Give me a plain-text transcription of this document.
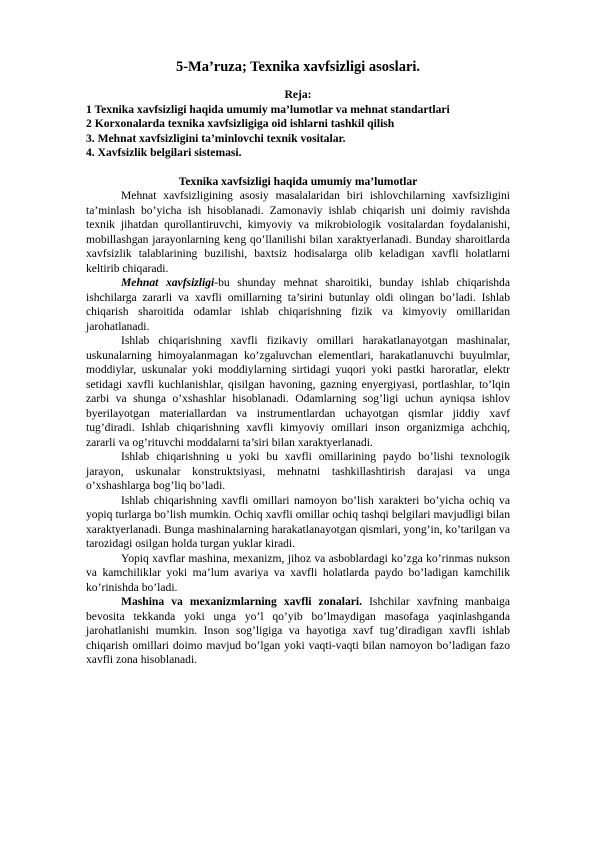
5-Ma’ruza; Texnika xavfsizligi asoslari.
Reja:
1 Texnika xavfsizligi haqida umumiy ma’lumotlar va mehnat standartlari
2 Korxonalarda texnika xavfsizligiga oid ishlarni tashkil qilish
3. Mehnat xavfsizligini ta’minlovchi texnik vositalar.
4. Xavfsizlik belgilari sistemasi.
Texnika xavfsizligi haqida umumiy ma’lumotlar

Mehnat xavfsizligining asosiy masalalaridan biri ishlovchilarning xavfsizligini ta’minlash bo’yicha ish hisoblanadi. Zamonaviy ishlab chiqarish uni doimiy ravishda texnik jihatdan qurollantiruvchi, kimyoviy va mikrobiologik vositalardan foydalanishi, mobillashgan jarayonlarning keng qo’llanilishi bilan xaraktyerlanadi. Bunday sharoitlarda xavfsizlik talablarining buzilishi, baxtsiz hodisalarga olib keladigan xavfli holatlarni keltirib chiqaradi.

Mehnat xavfsizligi-bu shunday mehnat sharoitiki, bunday ishlab chiqarishda ishchilarga zararli va xavfli omillarning ta’sirini butunlay oldi olingan bo’ladi. Ishlab chiqarish sharoitida odamlar ishlab chiqarishning fizik va kimyoviy omillaridan jarohatlanadi.

Ishlab chiqarishning xavfli fizikaviy omillari harakatlanayotgan mashinalar, uskunalarning himoyalanmagan ko’zgaluvchan elementlari, harakatlanuvchi buyulmlar, moddiylar, uskunalar yoki moddiylarning sirtidagi yuqori yoki pastki haroratlar, elektr setidagi xavfli kuchlanishlar, qisilgan havoning, gazning enyergiyasi, portlashlar, to’lqin zarbi va shunga o’xshashlar hisoblanadi. Odamlarning sog’ligi uchun ayniqsa ishlov byerilayotgan materiallardan va instrumentlardan uchayotgan qismlar jiddiy xavf tug’diradi. Ishlab chiqarishning xavfli kimyoviy omillari inson organizmiga achchiq, zararli va og’rituvchi moddalarni ta’siri bilan xaraktyerlanadi.

Ishlab chiqarishning u yoki bu xavfli omillarining paydo bo’lishi texnologik jarayon, uskunalar konstruktsiyasi, mehnatni tashkillashtirish darajasi va unga o’xshashlarga bog’liq bo’ladi.

Ishlab chiqarishning xavfli omillari namoyon bo’lish xarakteri bo’yicha ochiq va yopiq turlarga bo’lish mumkin. Ochiq xavfli omillar ochiq tashqi belgilari mavjudligi bilan xaraktyerlanadi. Bunga mashinalarning harakatlanayotgan qismlari, yong’in, ko’tarilgan va tarozidagi osilgan holda turgan yuklar kiradi.

Yopiq xavflar mashina, mexanizm, jihoz va asboblardagi ko’zga ko’rinmas nukson va kamchiliklar yoki ma’lum avariya va xavfli holatlarda paydo bo’ladigan kamchilik ko’rinishda bo’ladi.

Mashina va mexanizmlarning xavfli zonalari. Ishchilar xavfning manbaiga bevosita tekkanda yoki unga yo’l qo’yib bo’lmaydigan masofaga yaqinlashganda jarohatlanishi mumkin. Inson sog’ligiga va hayotiga xavf tug’diradigan xavfli ishlab chiqarish omillari doimo mavjud bo’lgan yoki vaqti-vaqti bilan namoyon bo’ladigan fazo xavfli zona hisoblanadi.
